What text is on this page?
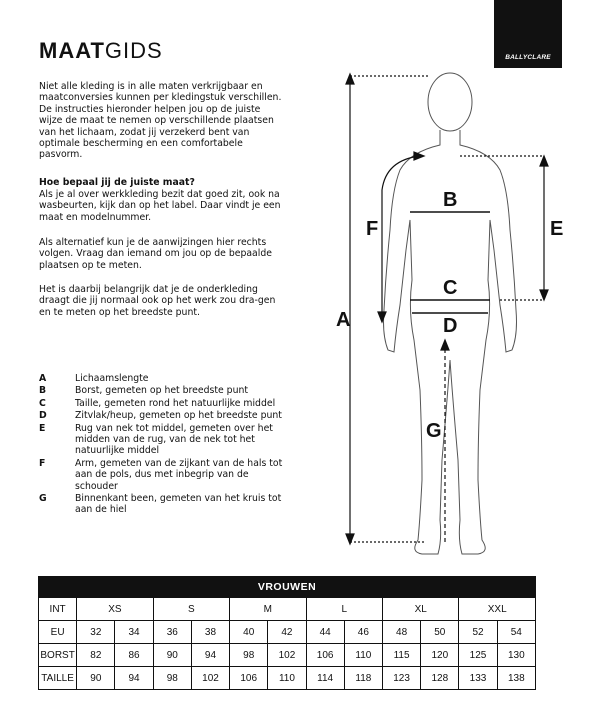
BALLYCLARE
MAATGIDS

Niet alle kleding is in alle maten verkrijgbaar en maatconversies kunnen per kledingstuk verschillen. De instructies hieronder helpen jou op de juiste wijze de maat te nemen op verschillende plaatsen van het lichaam, zodat jij verzekerd bent van optimale bescherming en een comfortabele pasvorm.

Hoe bepaal jij de juiste maat?

Als je al over werkkleding bezit dat goed zit, ook na wasbeurten, kijk dan op het label. Daar vindt je een maat en modelnummer.

Als alternatief kun je de aanwijzingen hier rechts volgen. Vraag dan iemand om jou op de bepaalde plaatsen op te meten.

Het is daarbij belangrijk dat je de onderkleding draagt die jij normaal ook op het werk zou dra-gen en te meten op het breedste punt.

A	Lichaamslengte
B	Borst, gemeten op het breedste punt
C	Taille, gemeten rond het natuurlijke middel
D	Zitvlak/heup, gemeten op het breedste punt
E	Rug van nek tot middel, gemeten over het midden van de rug, van de nek tot het natuurlijke middel
F	Arm, gemeten van de zijkant van de hals tot aan de pols, dus met inbegrip van de schouder
G	Binnenkant been, gemeten van het kruis tot aan de hiel
A
B
C
D
E
F
G
VROUWEN												
INT	XS		S		M		L		XL		XXL	
EU	32	34	36	38	40	42	44	46	48	50	52	54
BORST	82	86	90	94	98	102	106	110	115	120	125	130
TAILLE	90	94	98	102	106	110	114	118	123	128	133	138
